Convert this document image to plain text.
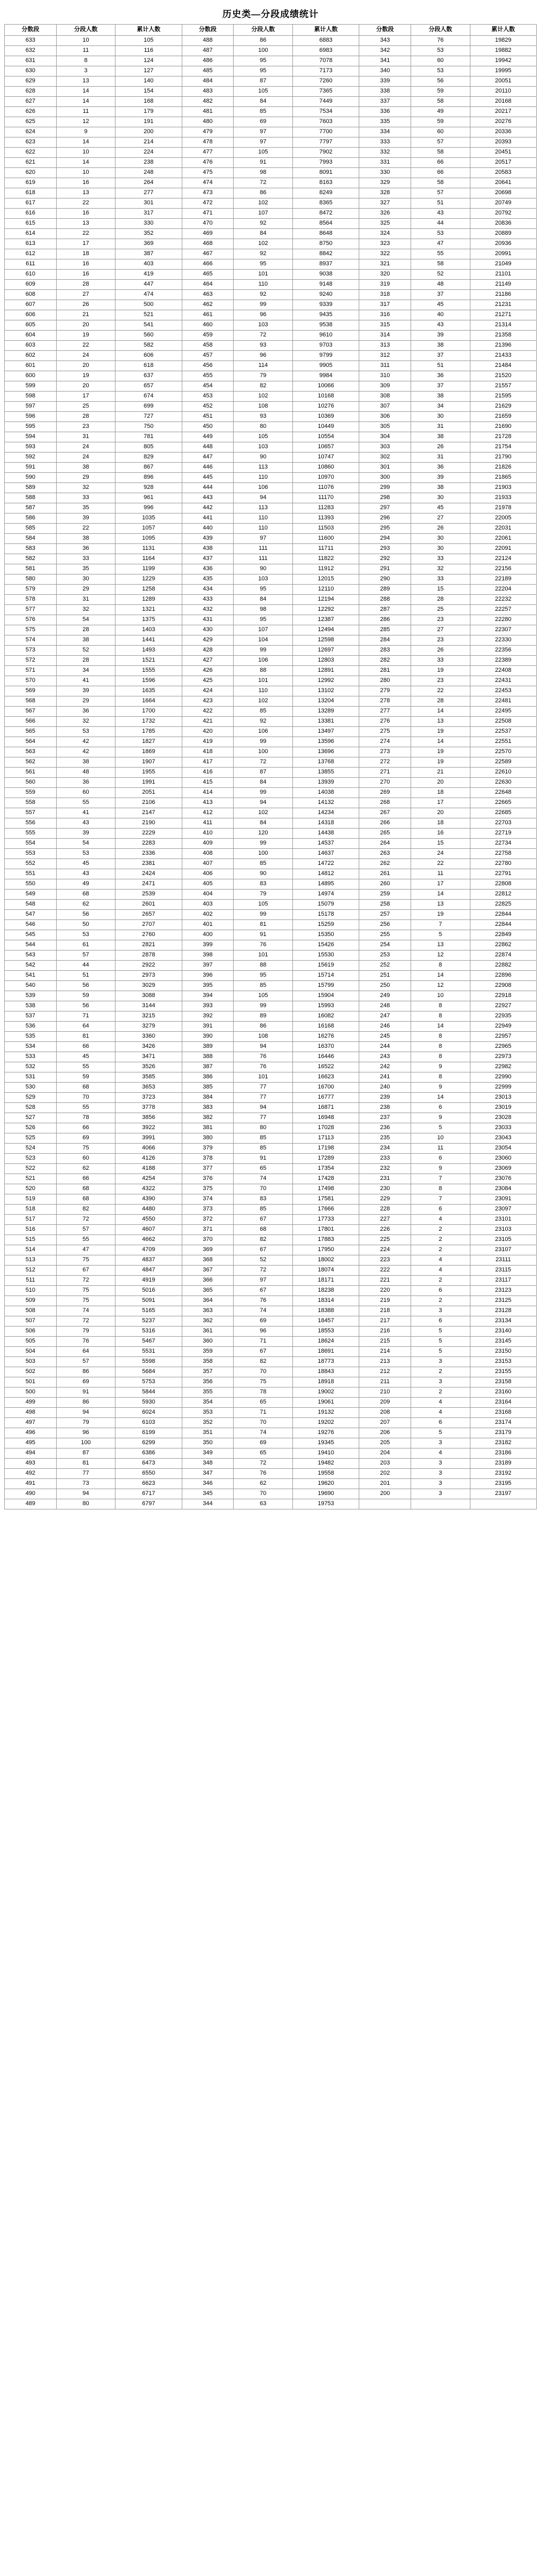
历史类—分段成绩统计
分数段	分段人数	累计人数	分数段	分段人数	累计人数	分数段	分段人数	累计人数
633	10	105	488	86	6883	343	76	19829
632	11	116	487	100	6983	342	53	19882
631	8	124	486	95	7078	341	60	19942
630	3	127	485	95	7173	340	53	19995
629	13	140	484	87	7260	339	56	20051
628	14	154	483	105	7365	338	59	20110
627	14	168	482	84	7449	337	58	20168
626	11	179	481	85	7534	336	49	20217
625	12	191	480	69	7603	335	59	20276
624	9	200	479	97	7700	334	60	20336
623	14	214	478	97	7797	333	57	20393
622	10	224	477	105	7902	332	58	20451
621	14	238	476	91	7993	331	66	20517
620	10	248	475	98	8091	330	66	20583
619	16	264	474	72	8163	329	58	20641
618	13	277	473	86	8249	328	57	20698
617	22	301	472	102	8365	327	51	20749
616	16	317	471	107	8472	326	43	20792
615	13	330	470	92	8564	325	44	20836
614	22	352	469	84	8648	324	53	20889
613	17	369	468	102	8750	323	47	20936
612	18	387	467	92	8842	322	55	20991
611	16	403	466	95	8937	321	58	21049
610	16	419	465	101	9038	320	52	21101
609	28	447	464	110	9148	319	48	21149
608	27	474	463	92	9240	318	37	21186
607	26	500	462	99	9339	317	45	21231
606	21	521	461	96	9435	316	40	21271
605	20	541	460	103	9538	315	43	21314
604	19	560	459	72	9610	314	39	21358
603	22	582	458	93	9703	313	38	21396
602	24	606	457	96	9799	312	37	21433
601	20	618	456	114	9905	311	51	21484
600	19	637	455	79	9984	310	36	21520
599	20	657	454	82	10066	309	37	21557
598	17	674	453	102	10168	308	38	21595
597	25	699	452	108	10276	307	34	21629
596	28	727	451	93	10369	306	30	21659
595	23	750	450	80	10449	305	31	21690
594	31	781	449	105	10554	304	38	21728
593	24	805	448	103	10657	303	26	21754
592	24	829	447	90	10747	302	31	21790
591	38	867	446	113	10860	301	36	21826
590	29	896	445	110	10970	300	39	21865
589	32	928	444	106	11076	299	38	21903
588	33	961	443	94	11170	298	30	21933
587	35	996	442	113	11283	297	45	21978
586	39	1035	441	110	11393	296	27	22005
585	22	1057	440	110	11503	295	26	22031
584	38	1095	439	97	11600	294	30	22061
583	36	1131	438	111	11711	293	30	22091
582	33	1164	437	111	11822	292	33	22124
581	35	1199	436	90	11912	291	32	22156
580	30	1229	435	103	12015	290	33	22189
579	29	1258	434	95	12110	289	15	22204
578	31	1289	433	84	12194	288	28	22232
577	32	1321	432	98	12292	287	25	22257
576	54	1375	431	95	12387	286	23	22280
575	28	1403	430	107	12494	285	27	22307
574	38	1441	429	104	12598	284	23	22330
573	52	1493	428	99	12697	283	26	22356
572	28	1521	427	106	12803	282	33	22389
571	34	1555	426	88	12891	281	19	22408
570	41	1596	425	101	12992	280	23	22431
569	39	1635	424	110	13102	279	22	22453
568	29	1664	423	102	13204	278	28	22481
567	36	1700	422	85	13289	277	14	22495
566	32	1732	421	92	13381	276	13	22508
565	53	1785	420	106	13497	275	19	22537
564	42	1827	419	99	13596	274	14	22551
563	42	1869	418	100	13696	273	19	22570
562	38	1907	417	72	13768	272	19	22589
561	48	1955	416	87	13855	271	21	22610
560	36	1991	415	84	13939	270	20	22630
559	60	2051	414	99	14038	269	18	22648
558	55	2106	413	94	14132	268	17	22665
557	41	2147	412	102	14234	267	20	22685
556	43	2190	411	84	14318	266	18	22703
555	39	2229	410	120	14438	265	16	22719
554	54	2283	409	99	14537	264	15	22734
553	53	2336	408	100	14637	263	24	22758
552	45	2381	407	85	14722	262	22	22780
551	43	2424	406	90	14812	261	11	22791
550	49	2471	405	83	14895	260	17	22808
549	68	2539	404	79	14974	259	14	22812
548	62	2601	403	105	15079	258	13	22825
547	56	2657	402	99	15178	257	19	22844
546	50	2707	401	81	15259	256	7	22844
545	53	2760	400	91	15350	255	5	22849
544	61	2821	399	76	15426	254	13	22862
543	57	2878	398	101	15530	253	12	22874
542	44	2922	397	88	15619	252	8	22882
541	51	2973	396	95	15714	251	14	22896
540	56	3029	395	85	15799	250	12	22908
539	59	3088	394	105	15904	249	10	22918
538	56	3144	393	99	15993	248	8	22927
537	71	3215	392	89	16082	247	8	22935
536	64	3279	391	86	16168	246	14	22949
535	81	3360	390	108	16276	245	8	22957
534	66	3426	389	94	16370	244	8	22965
533	45	3471	388	76	16446	243	8	22973
532	55	3526	387	76	16522	242	9	22982
531	59	3585	386	101	16623	241	8	22990
530	68	3653	385	77	16700	240	9	22999
529	70	3723	384	77	16777	239	14	23013
528	55	3778	383	94	16871	238	6	23019
527	78	3856	382	77	16948	237	9	23028
526	66	3922	381	80	17028	236	5	23033
525	69	3991	380	85	17113	235	10	23043
524	75	4066	379	85	17198	234	11	23054
523	60	4126	378	91	17289	233	6	23060
522	62	4188	377	65	17354	232	9	23069
521	66	4254	376	74	17428	231	7	23076
520	68	4322	375	70	17498	230	8	23084
519	68	4390	374	83	17581	229	7	23091
518	82	4480	373	85	17666	228	6	23097
517	72	4550	372	67	17733	227	4	23101
516	57	4607	371	68	17801	226	2	23103
515	55	4662	370	82	17883	225	2	23105
514	47	4709	369	67	17950	224	2	23107
513	75	4837	368	52	18002	223	4	23111
512	67	4847	367	72	18074	222	4	23115
511	72	4919	366	97	18171	221	2	23117
510	75	5016	365	67	18238	220	6	23123
509	75	5091	364	76	18314	219	2	23125
508	74	5165	363	74	18388	218	3	23128
507	72	5237	362	69	18457	217	6	23134
506	79	5316	361	96	18553	216	5	23140
505	76	5467	360	71	18624	215	5	23145
504	64	5531	359	67	18691	214	5	23150
503	57	5598	358	82	18773	213	3	23153
502	86	5684	357	70	18843	212	2	23155
501	69	5753	356	75	18918	211	3	23158
500	91	5844	355	78	19002	210	2	23160
499	86	5930	354	65	19061	209	4	23164
498	94	6024	353	71	19132	208	4	23168
497	79	6103	352	70	19202	207	6	23174
496	96	6199	351	74	19276	206	5	23179
495	100	6299	350	69	19345	205	3	23182
494	87	6386	349	65	19410	204	4	23186
493	81	6473	348	72	19482	203	3	23189
492	77	6550	347	76	19558	202	3	23192
491	73	6623	346	62	19620	201	3	23195
490	94	6717	345	70	19690	200	3	23197
489	80	6797	344	63	19753			
